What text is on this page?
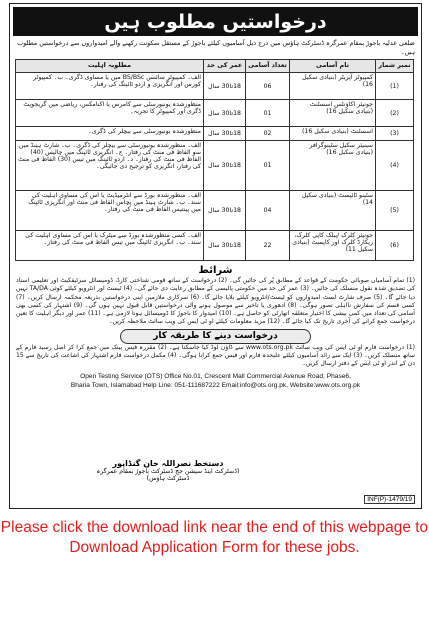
درخواستیں مطلوب ہیں
ضلعی عدلیہ باجوڑ بمقام عمرگرہ ڈسٹرکٹ ہاؤس میں درج ذیل آسامیوں کیلئے باجوڑ کے مستقل سکونت رکھنے والے امیدواروں سے درخواستیں مطلوب ہیں۔
نمبر شمار	نام آسامی	تعداد آسامی	عمر کی حد	مطلوبہ اہلیت
(1)	کمپیوٹر آپریٹر (بنیادی سکیل 16)	06	18تا30 سال	الف۔ کمپیوٹر سائنس BS/BSc میں یا مساوی ڈگری۔ ب۔ کمپیوٹر کورس اور انگریزی و اردو ٹائپنگ کی رفتار۔
(2)	جونیئر اکاؤنٹس اسسٹنٹ (بنیادی سکیل 16)	01	18تا30 سال	منظورشدہ یونیورسٹی سے کامرس یا اکنامکس، ریاضی میں گریجویٹ ڈگری اور کمپیوٹر کا تجربہ۔
(3)	اسسٹنٹ (بنیادی سکیل 16)	02	18تا30 سال	منظورشدہ یونیورسٹی سے بیچلر کی ڈگری۔
(4)	سینیئر سکیل سٹینوگرافر (بنیادی سکیل 16)	01	18تا30 سال	الف۔ منظورشدہ یونیورسٹی سے بیچلر کی ڈگری۔ ب۔ شارٹ ہینڈ میں سو الفاظ فی منٹ کی رفتار۔ ج۔ انگریزی ٹائپنگ میں چالیس (40) الفاظ فی منٹ کی رفتار۔ د۔ اردو ٹائپنگ میں تیس (30) الفاظ فی منٹ کی رفتار، انگریزی کو ترجیح دی جائیگی۔
(5)	سٹینو ٹائپسٹ (بنیادی سکیل 14)	04	18تا30 سال	الف۔ منظورشدہ بورڈ سے انٹرمیڈیٹ یا اس کی مساوی اہلیت کی سند۔ ب۔ شارٹ ہینڈ میں پچاس الفاظ فی منٹ اور انگریزی ٹائپنگ میں پینتیس الفاظ فی منٹ کی رفتار۔
(6)	جونیئر کلرک /پبلک کاپی کلرک، ریکارڈ کلرک اور کاپسٹ (بنیادی سکیل 11)	22	18تا30 سال	الف۔ کسی منظورشدہ بورڈ سے میٹرک یا اس کی مساوی اہلیت کی سند۔ ب۔ انگریزی ٹائپنگ میں تیس الفاظ فی منٹ کی رفتار۔
شرائط
(1) تمام آسامیاں صوبائی حکومت کے قواعد کے مطابق پُر کی جائیں گی۔ (2) درخواست کے ساتھ قومی شناختی کارڈ، ڈومیسائل سرٹیفکیٹ اور تعلیمی اسناد کی تصدیق شدہ نقول منسلک کی جائیں۔ (3) عمر کی حد میں حکومتی پالیسی کے مطابق رعایت دی جائے گی۔ (4) ٹیسٹ اور انٹرویو کیلئے کوئی TA/DA نہیں دیا جائے گا۔ (5) صرف شارٹ لسٹ امیدواروں کو ٹیسٹ/انٹرویو کیلئے بلایا جائے گا۔ (6) سرکاری ملازمین اپنی درخواستیں بذریعہ محکمہ ارسال کریں۔ (7) کسی قسم کی سفارش نااہلی تصور ہوگی۔ (8) ادھوری یا تاخیر سے موصول ہونے والی درخواستیں قابل قبول نہیں ہوں گی۔ (9) اشتہار کی کسی بھی آسامی کی تعداد میں کمی بیشی کا اختیار متعلقہ اتھارٹی کو حاصل ہے۔ (10) امیدوار کا باجوڑ کا ڈومیسائل ہونا لازمی ہے۔ (11) عمر اور دیگر اہلیت کا تعین درخواست جمع کرانے کی آخری تاریخ تک کیا جائے گا۔ (12) مزید معلومات کیلئے او ٹی ایس کی ویب سائٹ ملاحظہ کریں۔
درخواست دینے کا طریقہ کار
(1) درخواست فارم او ٹی ایس کی ویب سائٹ www.ots.org.pk سے ڈاؤن لوڈ کیا جاسکتا ہے۔ (2) مقررہ فیس بینک میں جمع کرا کر اصل رسید فارم کے ساتھ منسلک کریں۔ (3) ایک سے زائد آسامیوں کیلئے علیحدہ فارم اور فیس جمع کرانا ہوگی۔ (4) مکمل درخواست فارم اشتہار کی اشاعت کی تاریخ سے 15 دن کے اندر او ٹی ایس کے دفتر ارسال کریں۔
Open Testing Service (OTS) Office No.01, Crescent Mall Commercial Avenue Road, Phase6,
Bharia Town, Islamabad Help Line: 051-111687222 Email:info@ots.org.pk, Website:www.ots.org.pk
دستخط نصراللہ خان گنڈاپور
(ڈسٹرکٹ اینڈ سیشن جج ڈسٹرکٹ باجوڑ بمقام عمرگرہ ڈسٹرکٹ ہاؤس)
INF(P)-1479/19
Please click the download link near the end of this webpage to Download Application Form for these jobs.
